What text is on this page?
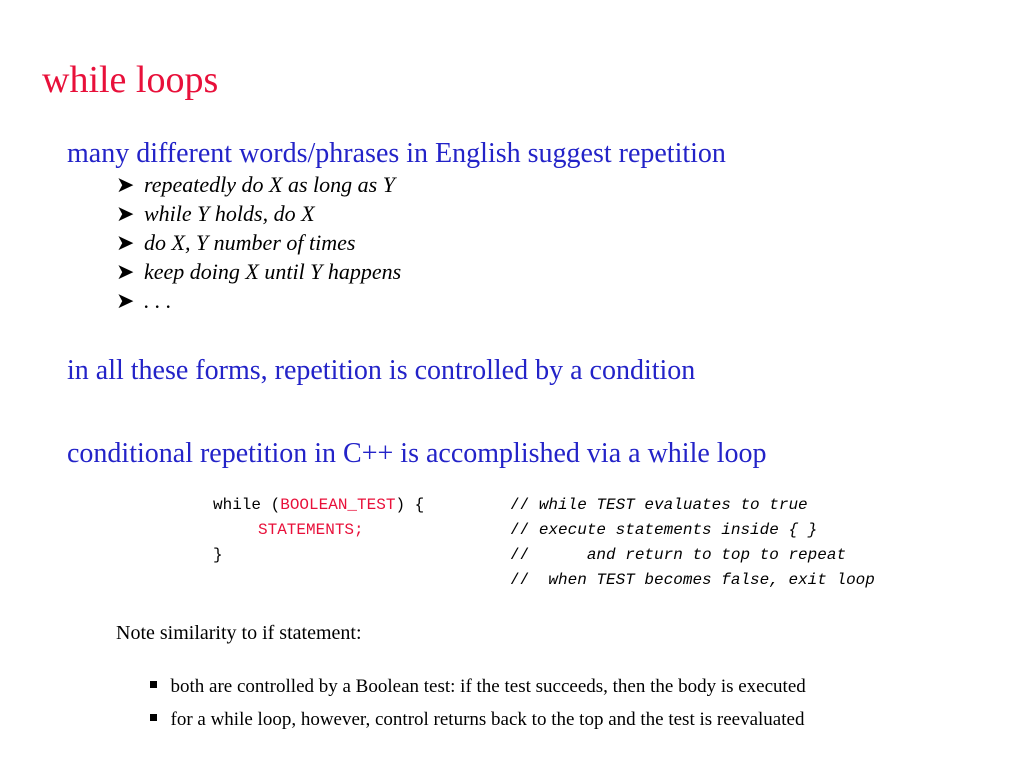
while loops
many different words/phrases in English suggest repetition
➤ repeatedly do X as long as Y
➤ while Y holds, do X
➤ do X, Y number of times
➤ keep doing X until Y happens
➤ . . .
in all these forms, repetition is controlled by a condition
conditional repetition in C++ is accomplished via a while loop
while (BOOLEAN_TEST) {
STATEMENTS;
}
// while TEST evaluates to true
// execute statements inside { }
//      and return to top to repeat
//  when TEST becomes false, exit loop
Note similarity to if statement:

both are controlled by a Boolean test: if the test succeeds, then the body is executed

for a while loop, however, control returns back to the top and the test is reevaluated
